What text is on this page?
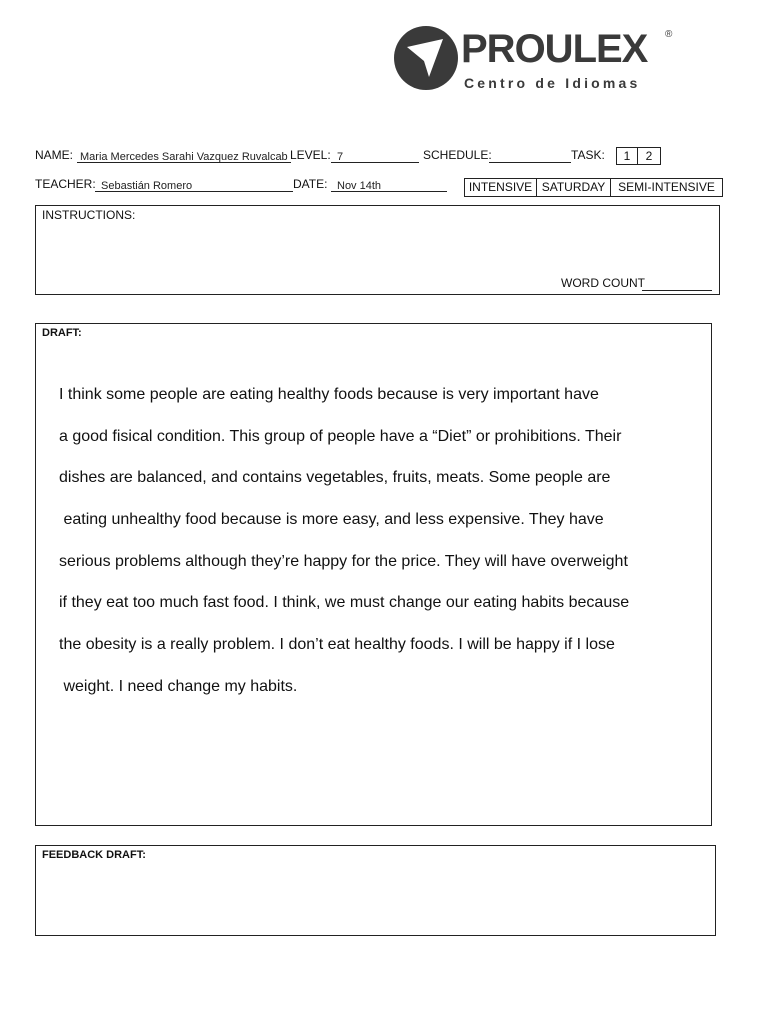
PROULEX ®
Centro de Idiomas
NAME: Maria Mercedes Sarahi Vazquez Ruvalcab LEVEL: 7	SCHEDULE:	TASK:	1	2
TEACHER: Sebastián Romero	DATE: Nov 14th	INTENSIVE SATURDAY	SEMI-INTENSIVE
INSTRUCTIONS:
WORD COUNT
DRAFT:
I think some people are eating healthy foods because is very important have
a good fisical condition. This group of people have a “Diet” or prohibitions. Their
dishes are balanced, and contains vegetables, fruits, meats. Some people are
eating unhealthy food because is more easy, and less expensive. They have
serious problems although they’re happy for the price. They will have overweight
if they eat too much fast food. I think, we must change our eating habits because
the obesity is a really problem. I don’t eat healthy foods. I will be happy if I lose
weight. I need change my habits.
FEEDBACK DRAFT:
